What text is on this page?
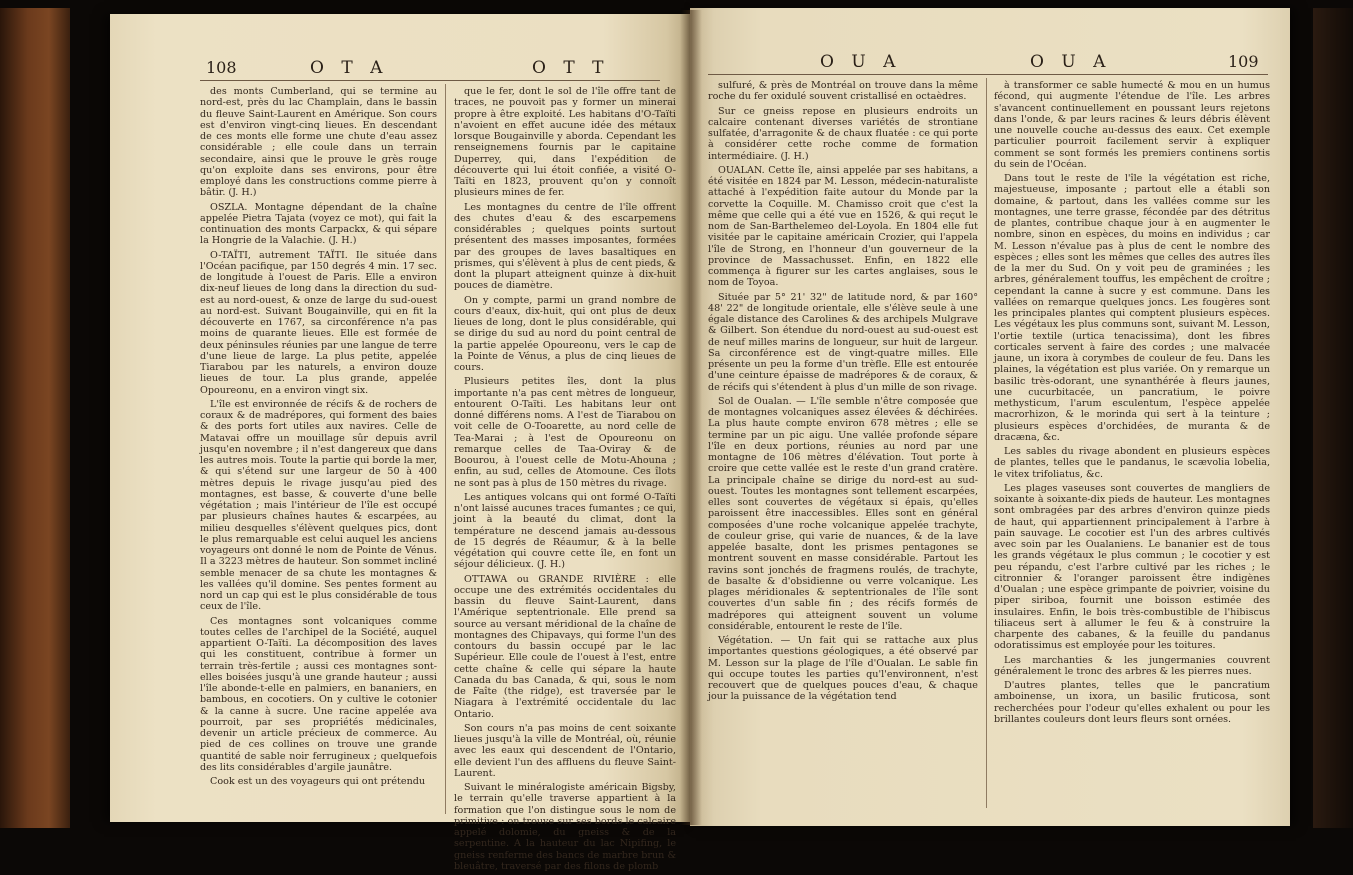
108	O T A	O T T

des monts Cumberland, qui se termine au nord-est, près du lac Champlain, dans le bassin du fleuve Saint-Laurent en Amérique. Son cours est d'environ vingt-cinq lieues. En descendant de ces monts elle forme une chute d'eau assez considérable ; elle coule dans un terrain secondaire, ainsi que le prouve le grès rouge qu'on exploite dans ses environs, pour être employé dans les constructions comme pierre à bâtir. (J. H.)

OSZLA. Montagne dépendant de la chaîne appelée Pietra Tajata (voyez ce mot), qui fait la continuation des monts Carpackx, & qui sépare la Hongrie de la Valachie. (J. H.)

O-TAÏTI, autrement TAÏTI. Ile située dans l'Océan pacifique, par 150 degrés 4 min. 17 sec. de longitude à l'ouest de Paris. Elle a environ dix-neuf lieues de long dans la direction du sud-est au nord-ouest, & onze de large du sud-ouest au nord-est. Suivant Bougainville, qui en fit la découverte en 1767, sa circonférence n'a pas moins de quarante lieues. Elle est formée de deux péninsules réunies par une langue de terre d'une lieue de large. La plus petite, appelée Tiarabou par les naturels, a environ douze lieues de tour. La plus grande, appelée Opoureonu, en a environ vingt six.

L'île est environnée de récifs & de rochers de coraux & de madrépores, qui forment des baies & des ports fort utiles aux navires. Celle de Matavai offre un mouillage sûr depuis avril jusqu'en novembre ; il n'est dangereux que dans les autres mois. Toute la partie qui borde la mer, & qui s'étend sur une largeur de 50 à 400 mètres depuis le rivage jusqu'au pied des montagnes, est basse, & couverte d'une belle végétation ; mais l'intérieur de l'île est occupé par plusieurs chaînes hautes & escarpées, au milieu desquelles s'élèvent quelques pics, dont le plus remarquable est celui auquel les anciens voyageurs ont donné le nom de Pointe de Vénus. Il a 3223 mètres de hauteur. Son sommet incliné semble menacer de sa chute les montagnes & les vallées qu'il domine. Ses pentes forment au nord un cap qui est le plus considérable de tous ceux de l'île.

Ces montagnes sont volcaniques comme toutes celles de l'archipel de la Société, auquel appartient O-Taïti. La décomposition des laves qui les constituent, contribue à former un terrain très-fertile ; aussi ces montagnes sont-elles boisées jusqu'à une grande hauteur ; aussi l'île abonde-t-elle en palmiers, en bananiers, en bambous, en cocotiers. On y cultive le cotonier & la canne à sucre. Une racine appelée ava pourroit, par ses propriétés médicinales, devenir un article précieux de commerce. Au pied de ces collines on trouve une grande quantité de sable noir ferrugineux ; quelquefois des lits considérables d'argile jaunâtre.

Cook est un des voyageurs qui ont prétendu

que le fer, dont le sol de l'île offre tant de traces, ne pouvoit pas y former un minerai propre à être exploité. Les habitans d'O-Taïti n'avoient en effet aucune idée des métaux lorsque Bougainville y aborda. Cependant les renseignemens fournis par le capitaine Duperrey, qui, dans l'expédition de découverte qui lui étoit confiée, a visité O-Taïti en 1823, prouvent qu'on y connoît plusieurs mines de fer.

Les montagnes du centre de l'île offrent des chutes d'eau & des escarpemens considérables ; quelques points surtout présentent des masses imposantes, formées par des groupes de laves basaltiques en prismes, qui s'élèvent à plus de cent pieds, & dont la plupart atteignent quinze à dix-huit pouces de diamètre.

On y compte, parmi un grand nombre de cours d'eaux, dix-huit, qui ont plus de deux lieues de long, dont le plus considérable, qui se dirige du sud au nord du point central de la partie appelée Opoureonu, vers le cap de la Pointe de Vénus, a plus de cinq lieues de cours.

Plusieurs petites îles, dont la plus importante n'a pas cent mètres de longueur, entourent O-Taïti. Les habitans leur ont donné différens noms. A l'est de Tiarabou on voit celle de O-Tooarette, au nord celle de Tea-Marai ; à l'est de Opoureonu on remarque celles de Taa-Oviray & de Boourou, à l'ouest celle de Motu-Ahouna ; enfin, au sud, celles de Atomoune. Ces îlots ne sont pas à plus de 150 mètres du rivage.

Les antiques volcans qui ont formé O-Taïti n'ont laissé aucunes traces fumantes ; ce qui, joint à la beauté du climat, dont la température ne descend jamais au-dessous de 15 degrés de Réaumur, & à la belle végétation qui couvre cette île, en font un séjour délicieux. (J. H.)

OTTAWA ou GRANDE RIVIÈRE : elle occupe une des extrémités occidentales du bassin du fleuve Saint-Laurent, dans l'Amérique septentrionale. Elle prend sa source au versant méridional de la chaîne de montagnes des Chipavays, qui forme l'un des contours du bassin occupé par le lac Supérieur. Elle coule de l'ouest à l'est, entre cette chaîne & celle qui sépare la haute Canada du bas Canada, & qui, sous le nom de Faîte (the ridge), est traversée par le Niagara à l'extrémité occidentale du lac Ontario.

Son cours n'a pas moins de cent soixante lieues jusqu'à la ville de Montréal, où, réunie avec les eaux qui descendent de l'Ontario, elle devient l'un des affluens du fleuve Saint-Laurent.

Suivant le minéralogiste américain Bigsby, le terrain qu'elle traverse appartient à la formation que l'on distingue sous le nom de primitive : on trouve sur ses bords le calcaire appelé dolomie, du gneiss & de la serpentine. A la hauteur du lac Nipifing, le gneiss renferme des bancs de marbre brun & bleuâtre, traversé par des filons de plomb

O U A	O U A	109

sulfuré, & près de Montréal on trouve dans la même roche du fer oxidulé souvent cristallisé en octaèdres.

Sur ce gneiss repose en plusieurs endroits un calcaire contenant diverses variétés de strontiane sulfatée, d'arragonite & de chaux fluatée : ce qui porte à considérer cette roche comme de formation intermédiaire. (J. H.)

OUALAN. Cette île, ainsi appelée par ses habitans, a été visitée en 1824 par M. Lesson, médecin-naturaliste attaché à l'expédition faite autour du Monde par la corvette la Coquille. M. Chamisso croit que c'est la même que celle qui a été vue en 1526, & qui reçut le nom de San-Barthelemeo del-Loyola. En 1804 elle fut visitée par le capitaine américain Crozier, qui l'appela l'île de Strong, en l'honneur d'un gouverneur de la province de Massachusset. Enfin, en 1822 elle commença à figurer sur les cartes anglaises, sous le nom de Toyoa.

Située par 5° 21' 32" de latitude nord, & par 160° 48' 22" de longitude orientale, elle s'élève seule à une égale distance des Carolines & des archipels Mulgrave & Gilbert. Son étendue du nord-ouest au sud-ouest est de neuf milles marins de longueur, sur huit de largeur. Sa circonférence est de vingt-quatre milles. Elle présente un peu la forme d'un trèfle. Elle est entourée d'une ceinture épaisse de madrépores & de coraux, & de récifs qui s'étendent à plus d'un mille de son rivage.

Sol de Oualan. — L'île semble n'être composée que de montagnes volcaniques assez élevées & déchirées. La plus haute compte environ 678 mètres ; elle se termine par un pic aigu. Une vallée profonde sépare l'île en deux portions, réunies au nord par une montagne de 106 mètres d'élévation. Tout porte à croire que cette vallée est le reste d'un grand cratère. La principale chaîne se dirige du nord-est au sud-ouest. Toutes les montagnes sont tellement escarpées, elles sont couvertes de végétaux si épais, qu'elles paroissent être inaccessibles. Elles sont en général composées d'une roche volcanique appelée trachyte, de couleur grise, qui varie de nuances, & de la lave appelée basalte, dont les prismes pentagones se montrent souvent en masse considérable. Partout les ravins sont jonchés de fragmens roulés, de trachyte, de basalte & d'obsidienne ou verre volcanique. Les plages méridionales & septentrionales de l'île sont couvertes d'un sable fin ; des récifs formés de madrépores qui atteignent souvent un volume considérable, entourent le reste de l'île.

Végétation. — Un fait qui se rattache aux plus importantes questions géologiques, a été observé par M. Lesson sur la plage de l'île d'Oualan. Le sable fin qui occupe toutes les parties qu'l'environnent, n'est recouvert que de quelques pouces d'eau, & chaque jour la puissance de la végétation tend

à transformer ce sable humecté & mou en un humus fécond, qui augmente l'étendue de l'île. Les arbres s'avancent continuellement en poussant leurs rejetons dans l'onde, & par leurs racines & leurs débris élèvent une nouvelle couche au-dessus des eaux. Cet exemple particulier pourroit facilement servir à expliquer comment se sont formés les premiers continens sortis du sein de l'Océan.

Dans tout le reste de l'île la végétation est riche, majestueuse, imposante ; partout elle a établi son domaine, & partout, dans les vallées comme sur les montagnes, une terre grasse, fécondée par des détritus de plantes, contribue chaque jour à en augmenter le nombre, sinon en espèces, du moins en individus ; car M. Lesson n'évalue pas à plus de cent le nombre des espèces ; elles sont les mêmes que celles des autres îles de la mer du Sud. On y voit peu de graminées ; les arbres, généralement touffus, les empêchent de croître ; cependant la canne à sucre y est commune. Dans les vallées on remarque quelques joncs. Les fougères sont les principales plantes qui comptent plusieurs espèces. Les végétaux les plus communs sont, suivant M. Lesson, l'ortie textile (urtica tenacissima), dont les fibres corticales servent à faire des cordes ; une malvacée jaune, un ixora à corymbes de couleur de feu. Dans les plaines, la végétation est plus variée. On y remarque un basilic très-odorant, une synanthérée à fleurs jaunes, une cucurbitacée, un pancratium, le poivre methysticum, l'arum esculentum, l'espèce appelée macrorhizon, & le morinda qui sert à la teinture ; plusieurs espèces d'orchidées, de muranta & de dracæna, &c.

Les sables du rivage abondent en plusieurs espèces de plantes, telles que le pandanus, le scævolia lobelia, le vitex trifoliatus, &c.

Les plages vaseuses sont couvertes de mangliers de soixante à soixante-dix pieds de hauteur. Les montagnes sont ombragées par des arbres d'environ quinze pieds de haut, qui appartiennent principalement à l'arbre à pain sauvage. Le cocotier est l'un des arbres cultivés avec soin par les Oualaniens. Le bananier est de tous les grands végétaux le plus commun ; le cocotier y est peu répandu, c'est l'arbre cultivé par les riches ; le citronnier & l'oranger paroissent être indigènes d'Oualan ; une espèce grimpante de poivrier, voisine du piper siriboa, fournit une boisson estimée des insulaires. Enfin, le bois très-combustible de l'hibiscus tiliaceus sert à allumer le feu & à construire la charpente des cabanes, & la feuille du pandanus odoratissimus est employée pour les toitures.

Les marchanties & les jungermanies couvrent généralement le tronc des arbres & les pierres nues.

D'autres plantes, telles que le pancratium amboinense, un ixora, un basilic fruticosa, sont recherchées pour l'odeur qu'elles exhalent ou pour les brillantes couleurs dont leurs fleurs sont ornées.
